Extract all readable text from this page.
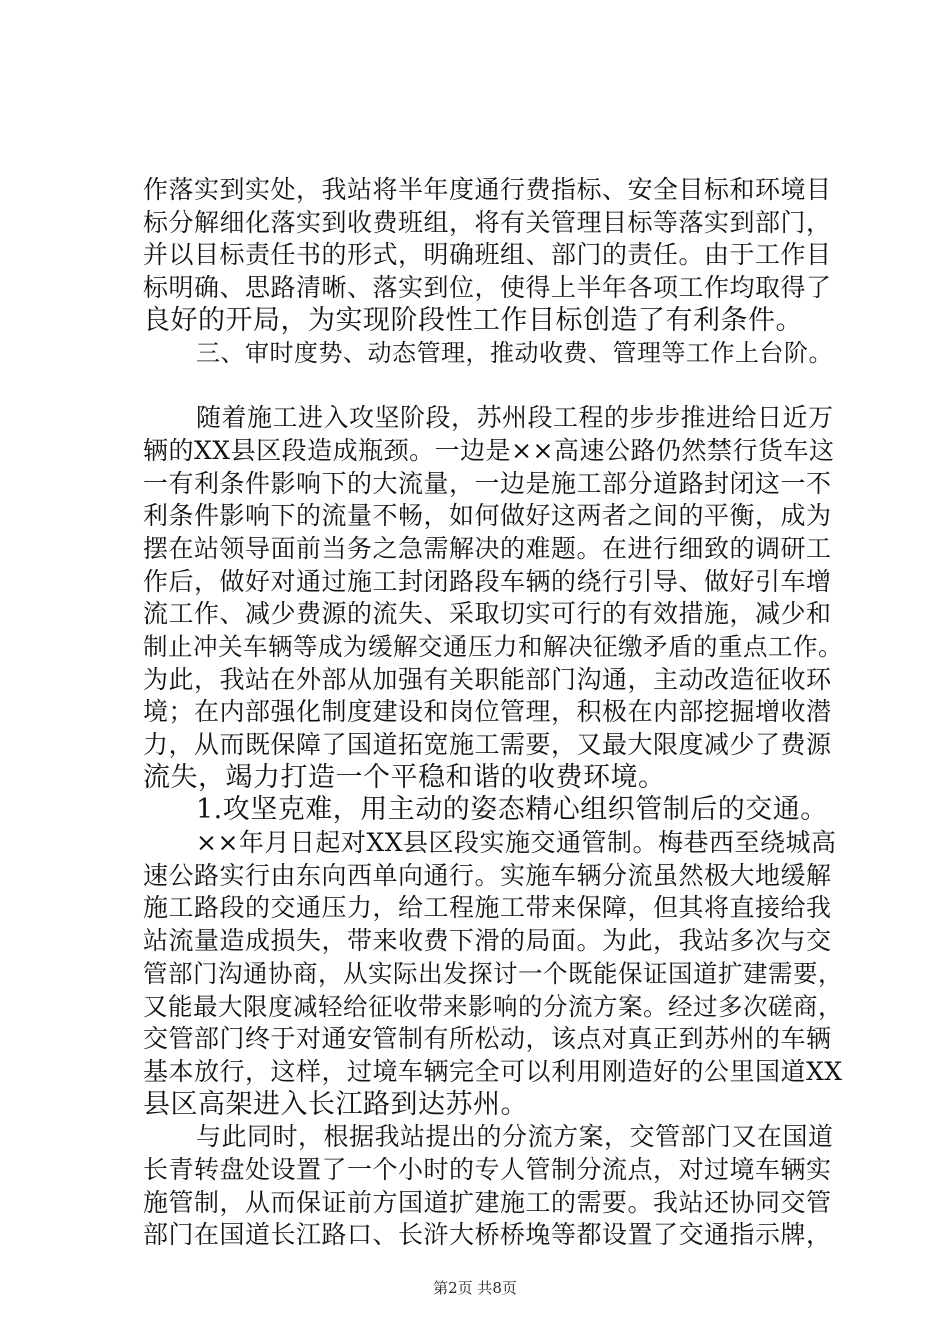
作落实到实处，我站将半年度通行费指标、安全目标和环境目
标分解细化落实到收费班组，将有关管理目标等落实到部门，
并以目标责任书的形式，明确班组、部门的责任。由于工作目
标明确、思路清晰、落实到位，使得上半年各项工作均取得了
良好的开局，为实现阶段性工作目标创造了有利条件。
三、审时度势、动态管理，推动收费、管理等工作上台阶。
随着施工进入攻坚阶段，苏州段工程的步步推进给日近万
辆的XX县区段造成瓶颈。一边是××高速公路仍然禁行货车这
一有利条件影响下的大流量，一边是施工部分道路封闭这一不
利条件影响下的流量不畅，如何做好这两者之间的平衡，成为
摆在站领导面前当务之急需解决的难题。在进行细致的调研工
作后，做好对通过施工封闭路段车辆的绕行引导、做好引车增
流工作、减少费源的流失、采取切实可行的有效措施，减少和
制止冲关车辆等成为缓解交通压力和解决征缴矛盾的重点工作。
为此，我站在外部从加强有关职能部门沟通，主动改造征收环
境；在内部强化制度建设和岗位管理，积极在内部挖掘增收潜
力，从而既保障了国道拓宽施工需要，又最大限度减少了费源
流失，竭力打造一个平稳和谐的收费环境。
1.攻坚克难，用主动的姿态精心组织管制后的交通。
××年月日起对XX县区段实施交通管制。梅巷西至绕城高
速公路实行由东向西单向通行。实施车辆分流虽然极大地缓解
施工路段的交通压力，给工程施工带来保障，但其将直接给我
站流量造成损失，带来收费下滑的局面。为此，我站多次与交
管部门沟通协商，从实际出发探讨一个既能保证国道扩建需要，
又能最大限度减轻给征收带来影响的分流方案。经过多次磋商，
交管部门终于对通安管制有所松动，该点对真正到苏州的车辆
基本放行，这样，过境车辆完全可以利用刚造好的公里国道XX
县区高架进入长江路到达苏州。
与此同时，根据我站提出的分流方案，交管部门又在国道
长青转盘处设置了一个小时的专人管制分流点，对过境车辆实
施管制，从而保证前方国道扩建施工的需要。我站还协同交管
部门在国道长江路口、长浒大桥桥堍等都设置了交通指示牌，
第2页 共8页
